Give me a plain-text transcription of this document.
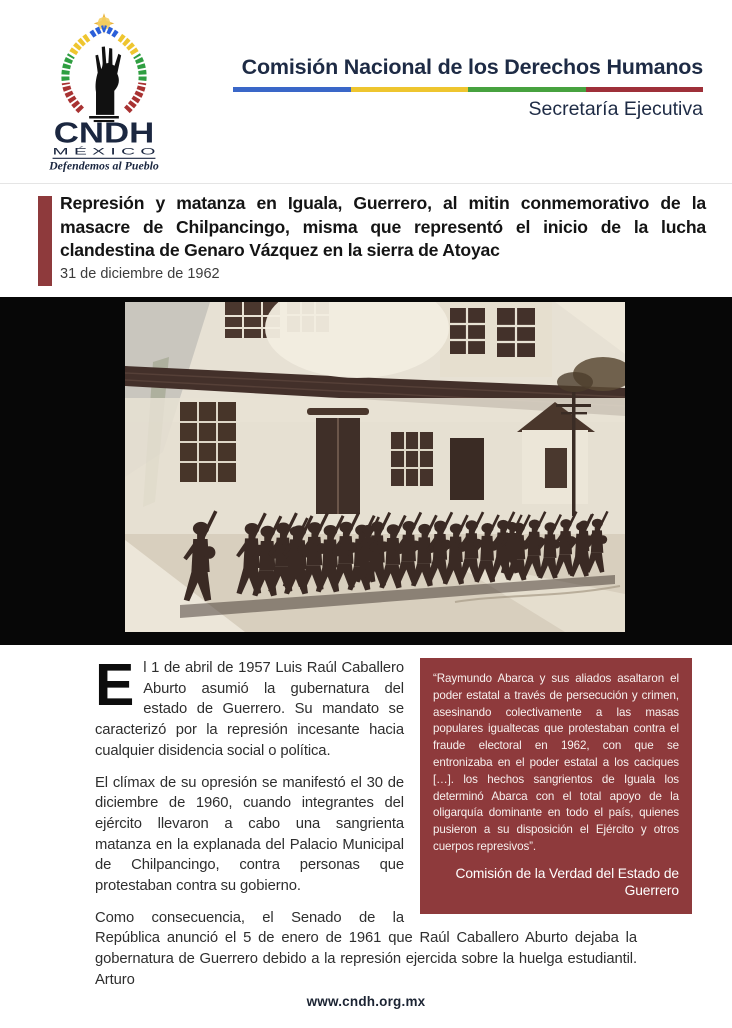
CNDH
M É X I C O
Defendemos al Pueblo
Comisión Nacional de los Derechos Humanos
Secretaría Ejecutiva
Represión y matanza en Iguala, Guerrero, al mitin conmemorativo de la masacre de Chilpancingo, misma que representó el inicio de la lucha clandestina de Genaro Vázquez en la sierra de Atoyac
31 de diciembre de 1962
“Raymundo Abarca y sus aliados asaltaron el poder estatal a través de persecución y crimen, asesinando colectivamente a las masas populares igualtecas que protestaban contra el fraude electoral en 1962, con que se entronizaba en el poder estatal a los caciques […]. los hechos sangrientos de Iguala los determinó Abarca con el total apoyo de la oligarquía dominante en todo el país, quienes pusieron a su disposición el Ejército y otros cuerpos represivos”.
Comisión de la Verdad del Estado de Guerrero

El 1 de abril de 1957 Luis Raúl Caballero Aburto asumió la gubernatura del estado de Guerrero. Su mandato se caracterizó por la represión incesante hacia cualquier disidencia social o política.

El clímax de su opresión se manifestó el 30 de diciembre de 1960, cuando integrantes del ejército llevaron a cabo una sangrienta matanza en la explanada del Palacio Municipal de Chilpancingo, contra personas que protestaban contra su gobierno.

Como consecuencia, el Senado de la República anunció el 5 de enero de 1961 que Raúl Caballero Aburto dejaba la gobernatura de Guerrero debido a la represión ejercida sobre la huelga estudiantil. Arturo

www.cndh.org.mx
